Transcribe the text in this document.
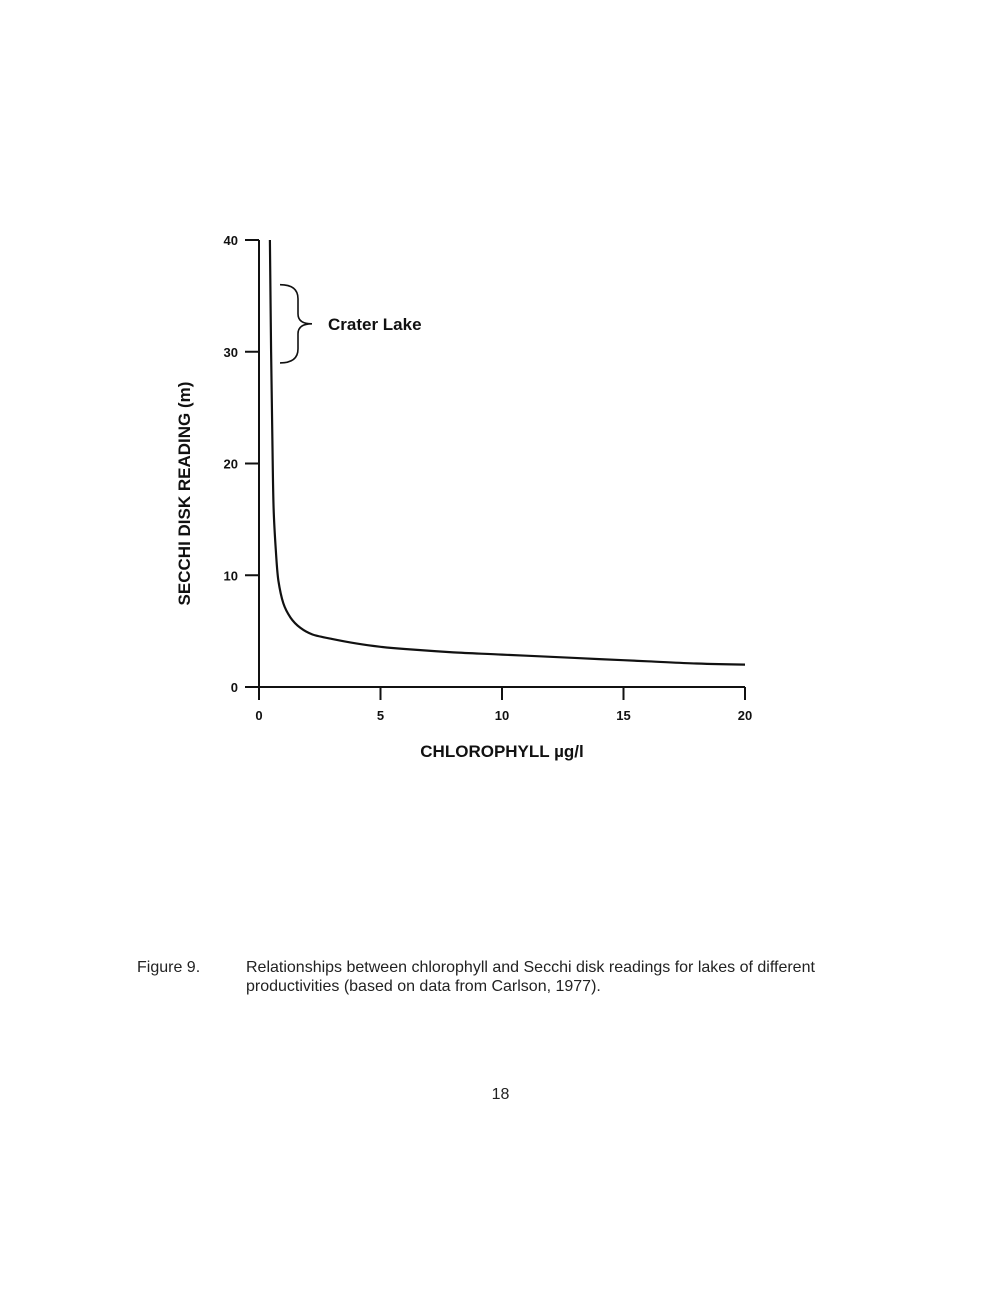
0	5	10	15	20
0
10
20
30
40
Crater Lake
CHLOROPHYLL µg/l
SECCHI DISK READING (m)
Figure 9.	Relationships between chlorophyll and Secchi disk readings for lakes of different productivities (based on data from Carlson, 1977).
18
